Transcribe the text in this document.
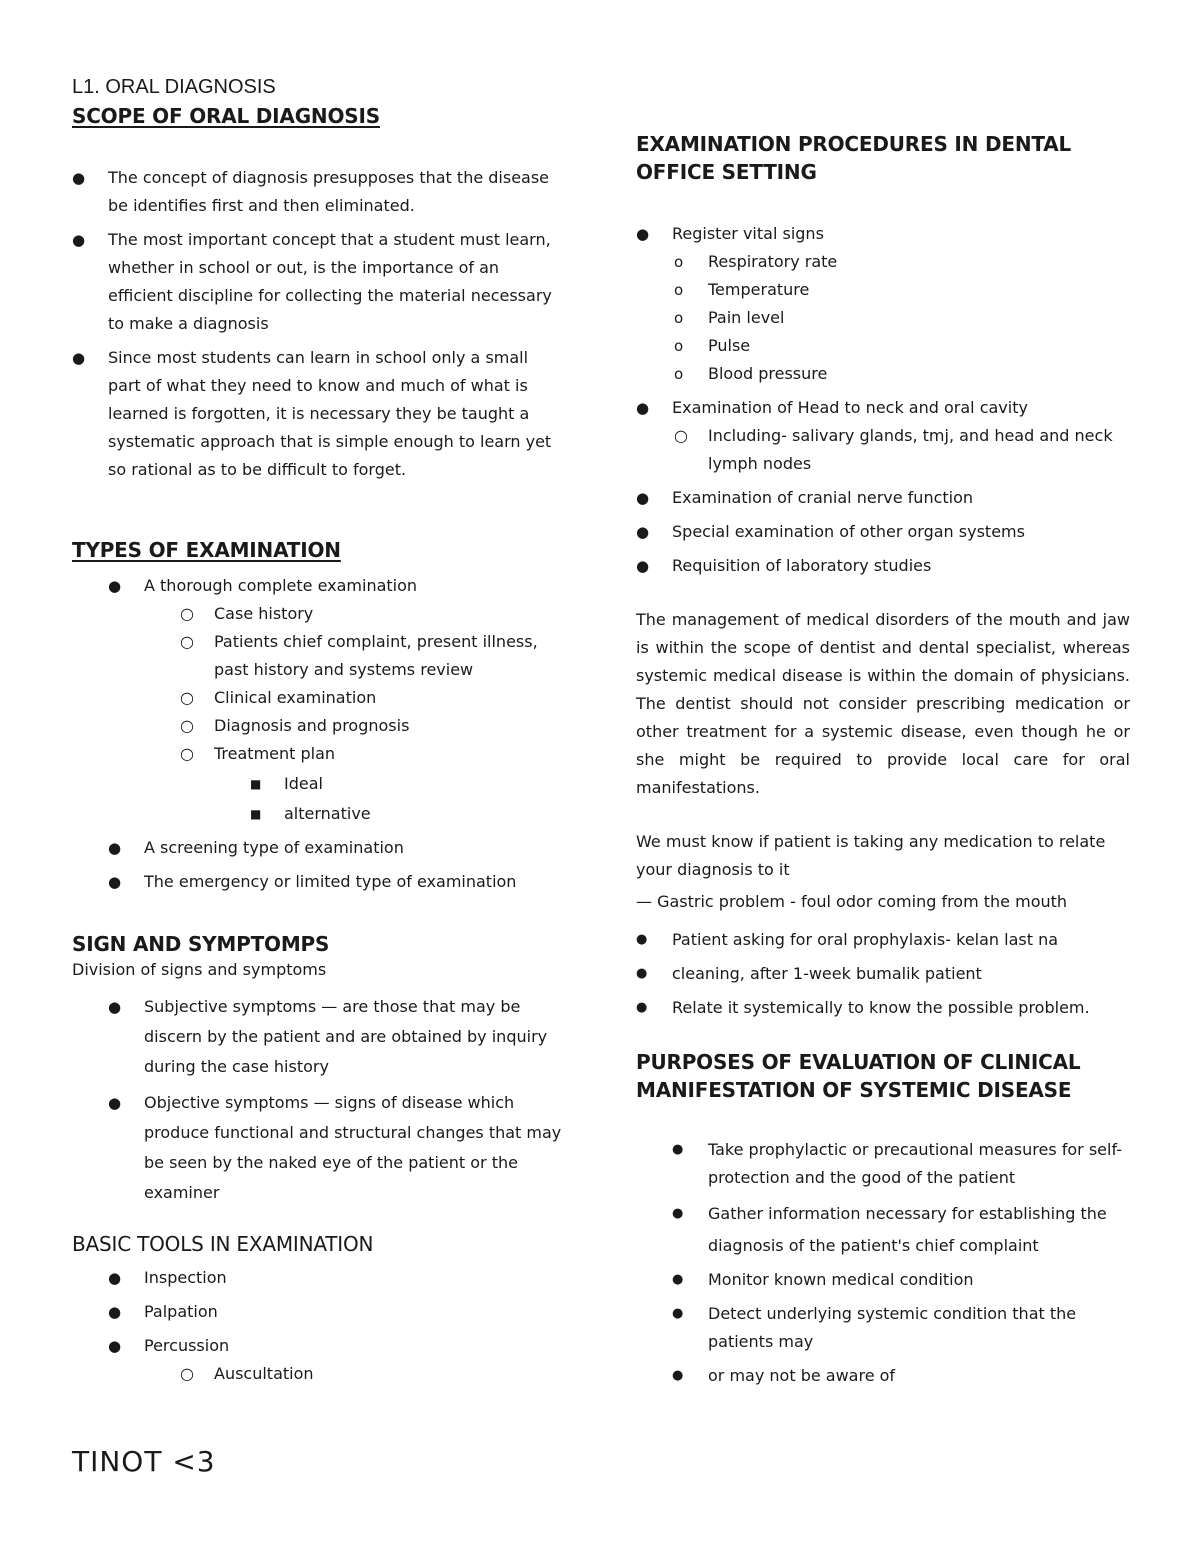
L1. ORAL DIAGNOSIS

SCOPE OF ORAL DIAGNOSIS
● The concept of diagnosis presupposes that the disease be identifies first and then eliminated.
● The most important concept that a student must learn, whether in school or out, is the importance of an efficient discipline for collecting the material necessary to make a diagnosis
● Since most students can learn in school only a small part of what they need to know and much of what is learned is forgotten, it is necessary they be taught a systematic approach that is simple enough to learn yet so rational as to be difficult to forget.
TYPES OF EXAMINATION
● A thorough complete examination
○ Case history
○ Patients chief complaint, present illness, past history and systems review
○ Clinical examination
○ Diagnosis and prognosis
○ Treatment plan
■ Ideal
■ alternative
● A screening type of examination
● The emergency or limited type of examination
SIGN AND SYMPTOMPS

Division of signs and symptoms

● Subjective symptoms — are those that may be discern by the patient and are obtained by inquiry during the case history
● Objective symptoms — signs of disease which produce functional and structural changes that may be seen by the naked eye of the patient or the examiner
BASIC TOOLS IN EXAMINATION
● Inspection
● Palpation
● Percussion
○ Auscultation
EXAMINATION PROCEDURES IN DENTAL OFFICE SETTING
● Register vital signs
o Respiratory rate
o Temperature
o Pain level
o Pulse
o Blood pressure
● Examination of Head to neck and oral cavity
○ Including- salivary glands, tmj, and head and neck lymph nodes
● Examination of cranial nerve function
● Special examination of other organ systems
● Requisition of laboratory studies

The management of medical disorders of the mouth and jaw is within the scope of dentist and dental specialist, whereas systemic medical disease is within the domain of physicians. The dentist should not consider prescribing medication or other treatment for a systemic disease, even though he or she might be required to provide local care for oral manifestations.

We must know if patient is taking any medication to relate your diagnosis to it

— Gastric problem - foul odor coming from the mouth

● Patient asking for oral prophylaxis- kelan last na
● cleaning, after 1-week bumalik patient
● Relate it systemically to know the possible problem.
PURPOSES OF EVALUATION OF CLINICAL MANIFESTATION OF SYSTEMIC DISEASE
● Take prophylactic or precautional measures for self-protection and the good of the patient
● Gather information necessary for establishing the diagnosis of the patient's chief complaint
● Monitor known medical condition
● Detect underlying systemic condition that the patients may
● or may not be aware of

TINOT <3
